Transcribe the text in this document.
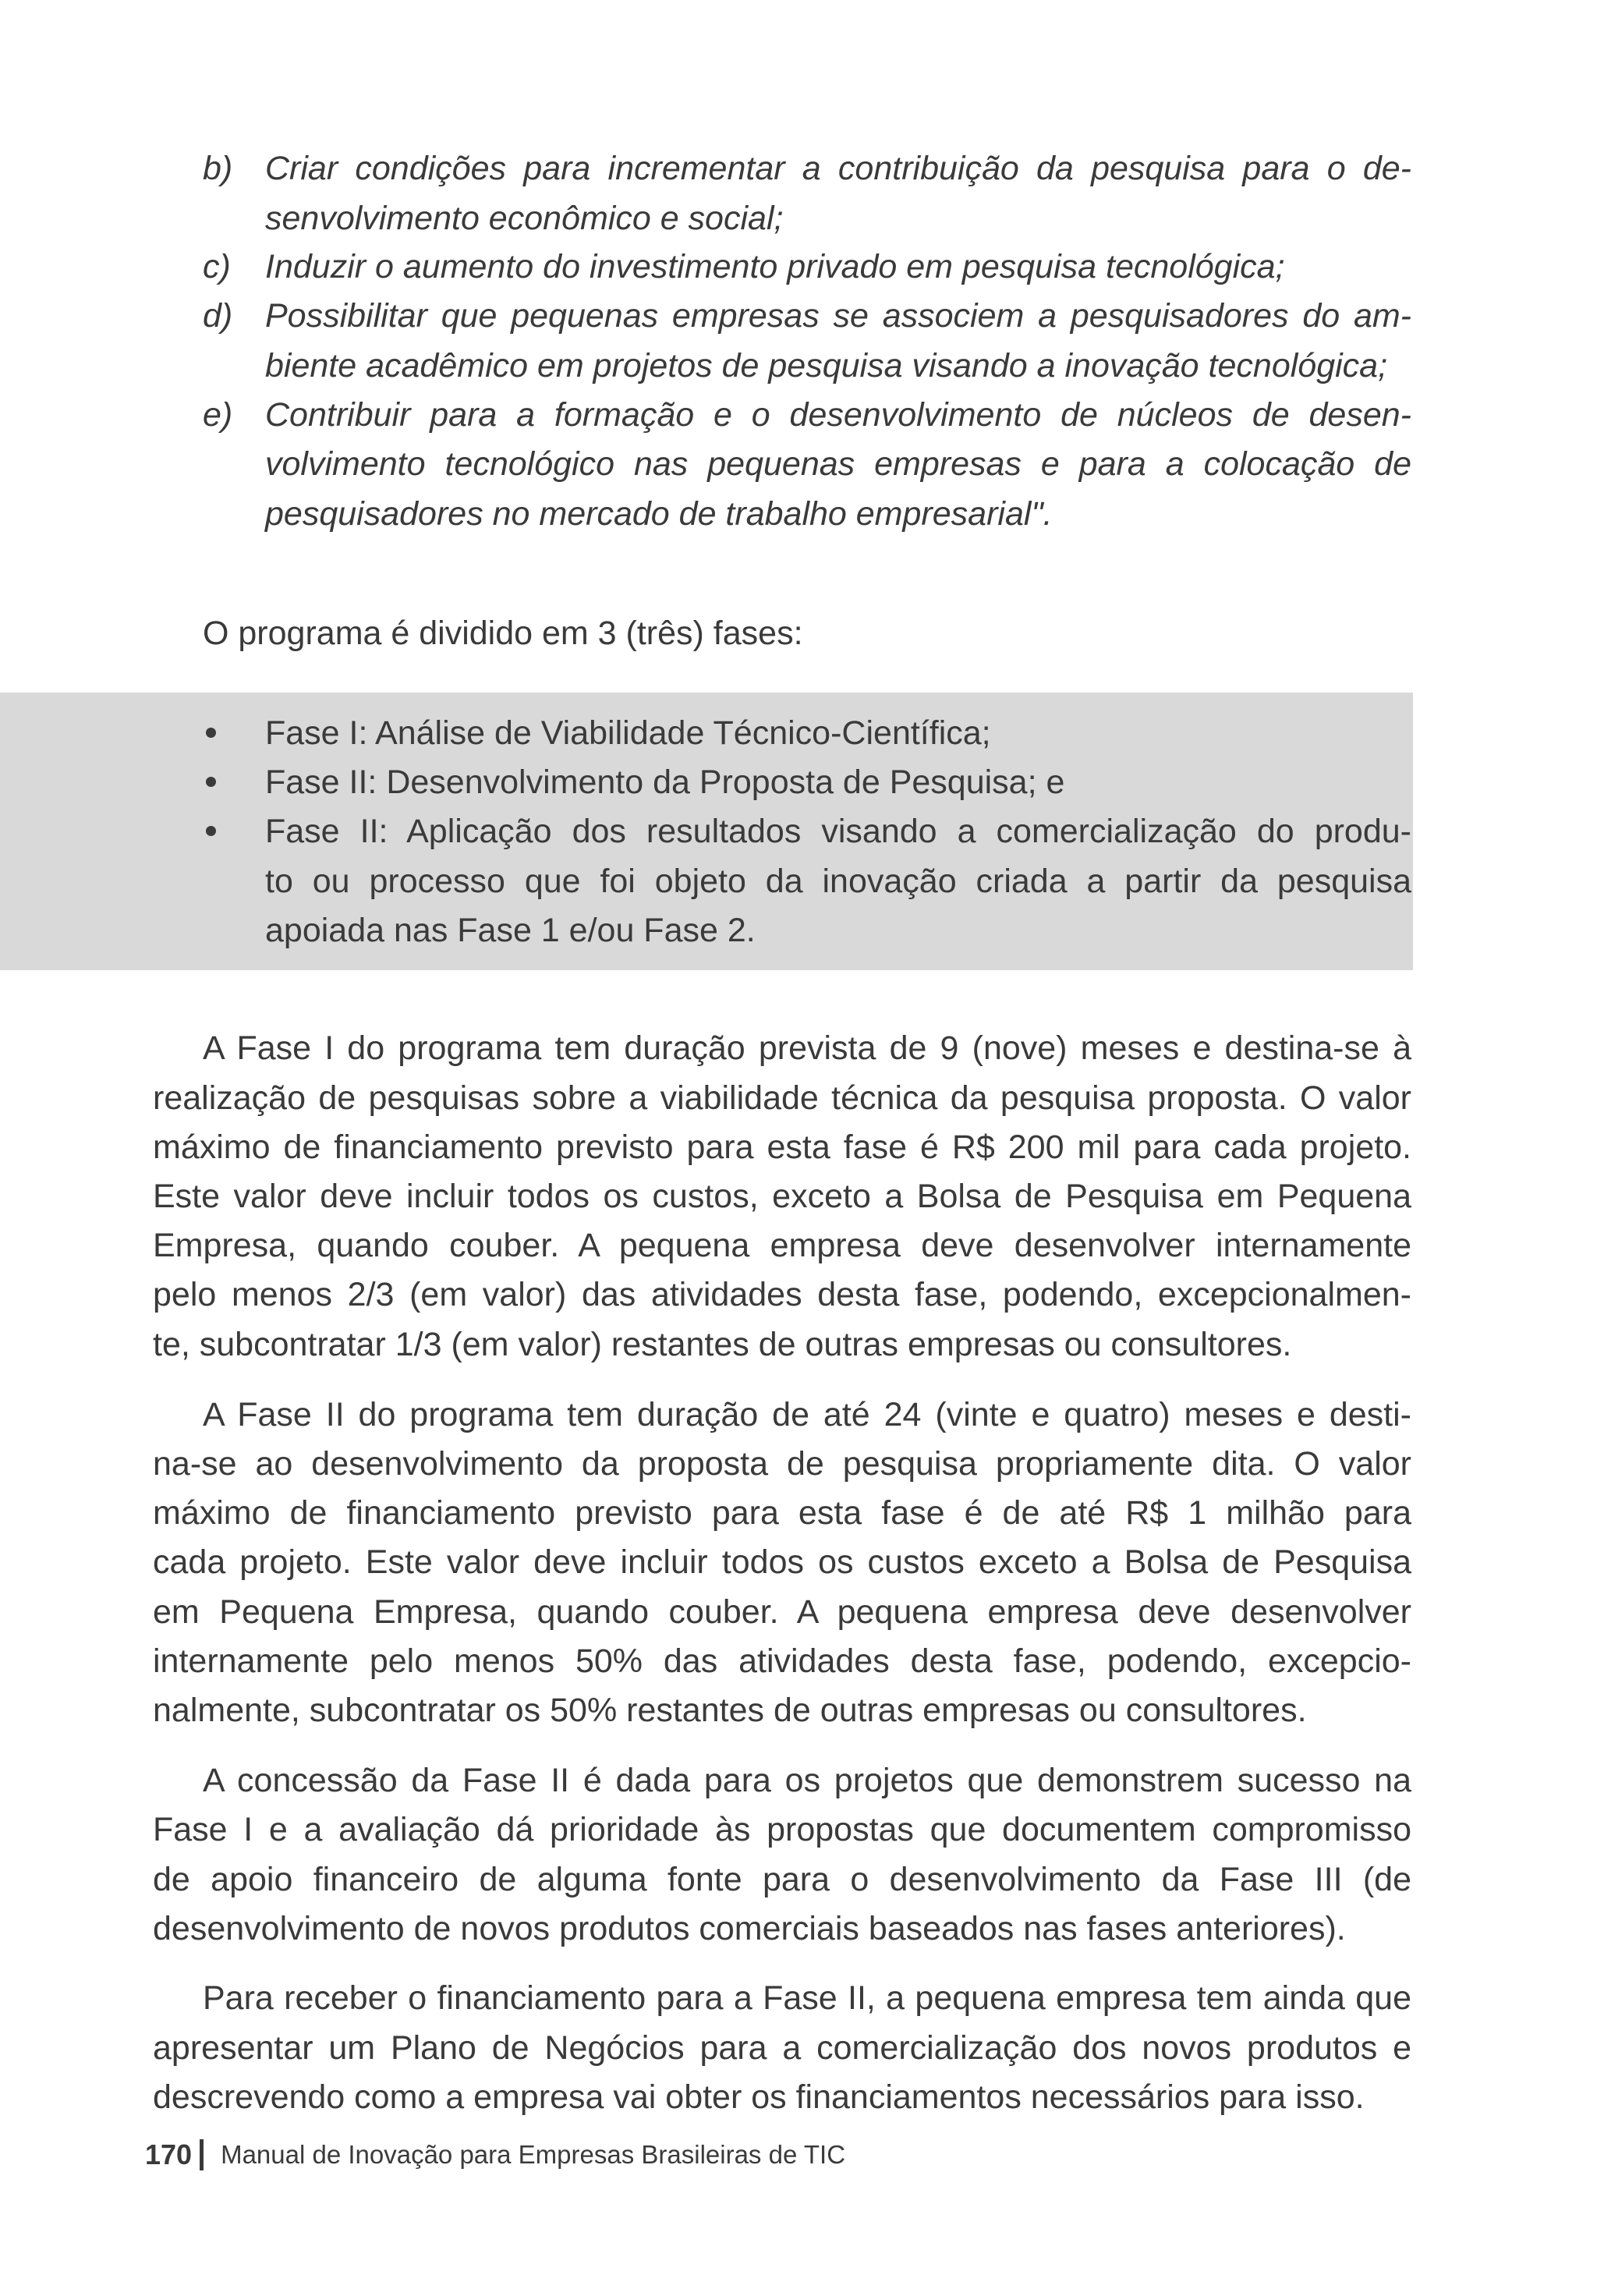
b) Criar condições para incrementar a contribuição da pesquisa para o de-
senvolvimento econômico e social;
c) Induzir o aumento do investimento privado em pesquisa tecnológica;
d) Possibilitar que pequenas empresas se associem a pesquisadores do am-
biente acadêmico em projetos de pesquisa visando a inovação tecnológica;
e) Contribuir para a formação e o desenvolvimento de núcleos de desen-
volvimento tecnológico nas pequenas empresas e para a colocação de
pesquisadores no mercado de trabalho empresarial".
O programa é dividido em 3 (três) fases:
Fase I: Análise de Viabilidade Técnico-Científica;
Fase II: Desenvolvimento da Proposta de Pesquisa; e
Fase II: Aplicação dos resultados visando a comercialização do produ-
to ou processo que foi objeto da inovação criada a partir da pesquisa
apoiada nas Fase 1 e/ou Fase 2.
A Fase I do programa tem duração prevista de 9 (nove) meses e destina-se à
realização de pesquisas sobre a viabilidade técnica da pesquisa proposta. O valor
máximo de financiamento previsto para esta fase é R$ 200 mil para cada projeto.
Este valor deve incluir todos os custos, exceto a Bolsa de Pesquisa em Pequena
Empresa, quando couber. A pequena empresa deve desenvolver internamente
pelo menos 2/3 (em valor) das atividades desta fase, podendo, excepcionalmen-
te, subcontratar 1/3 (em valor) restantes de outras empresas ou consultores.
A Fase II do programa tem duração de até 24 (vinte e quatro) meses e desti-
na-se ao desenvolvimento da proposta de pesquisa propriamente dita. O valor
máximo de financiamento previsto para esta fase é de até R$ 1 milhão para
cada projeto. Este valor deve incluir todos os custos exceto a Bolsa de Pesquisa
em Pequena Empresa, quando couber. A pequena empresa deve desenvolver
internamente pelo menos 50% das atividades desta fase, podendo, excepcio-
nalmente, subcontratar os 50% restantes de outras empresas ou consultores.
A concessão da Fase II é dada para os projetos que demonstrem sucesso na
Fase I e a avaliação dá prioridade às propostas que documentem compromisso
de apoio financeiro de alguma fonte para o desenvolvimento da Fase III (de
desenvolvimento de novos produtos comerciais baseados nas fases anteriores).
Para receber o financiamento para a Fase II, a pequena empresa tem ainda que
apresentar um Plano de Negócios para a comercialização dos novos produtos e
descrevendo como a empresa vai obter os financiamentos necessários para isso.
170 Manual de Inovação para Empresas Brasileiras de TIC
